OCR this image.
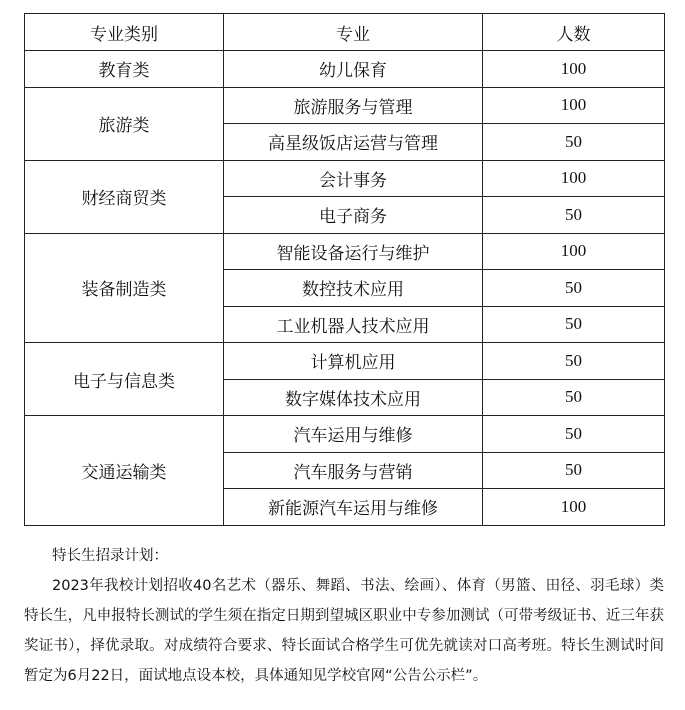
专业类别	专业	人数
教育类	幼儿保育	100
旅游类	旅游服务与管理	100
	高星级饭店运营与管理	50
财经商贸类	会计事务	100
	电子商务	50
装备制造类	智能设备运行与维护	100
	数控技术应用	50
	工业机器人技术应用	50
电子与信息类	计算机应用	50
	数字媒体技术应用	50
交通运输类	汽车运用与维修	50
	汽车服务与营销	50
	新能源汽车运用与维修	100

特长生招录计划：

2023年我校计划招收40名艺术（器乐、舞蹈、书法、绘画）、体育（男篮、田径、羽毛球）类特长生，凡申报特长测试的学生须在指定日期到望城区职业中专参加测试（可带考级证书、近三年获奖证书），择优录取。对成绩符合要求、特长面试合格学生可优先就读对口高考班。特长生测试时间暂定为6月22日，面试地点设本校，具体通知见学校官网“公告公示栏”。
